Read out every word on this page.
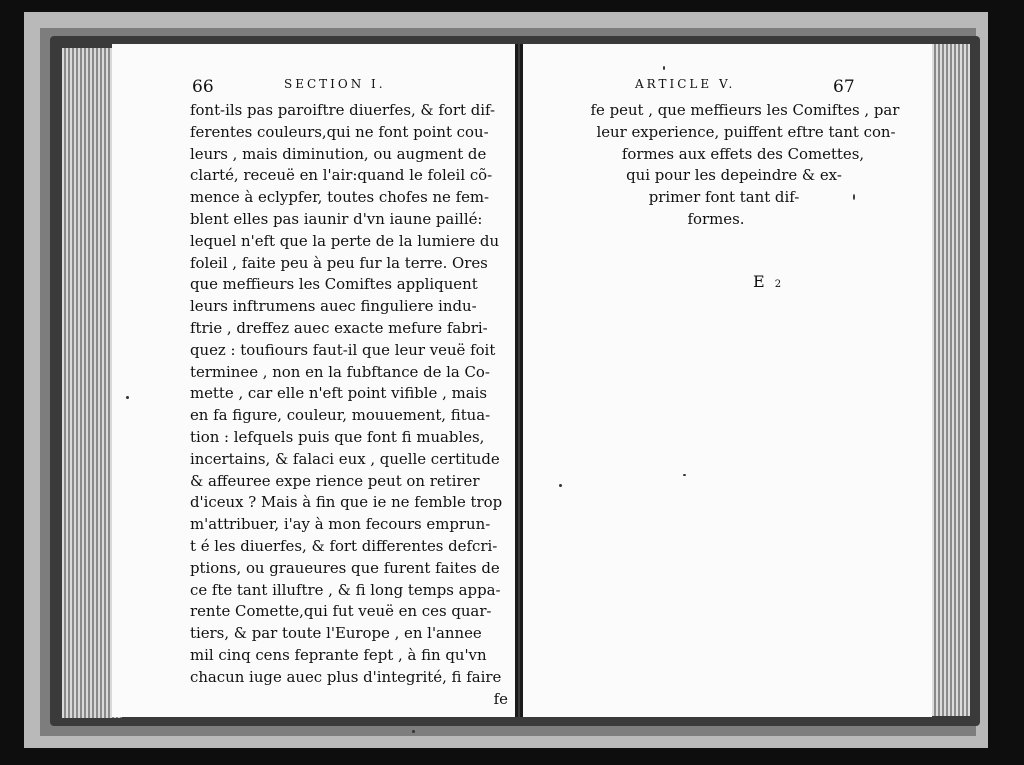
66	SECTION I.
font-ils pas paroiftre diuerfes, & fort dif-
ferentes couleurs,qui ne font point cou-
leurs , mais diminution, ou augment de
clarté, receuë en l'air:quand le foleil cõ-
mence à eclypfer, toutes chofes ne fem-
blent elles pas iaunir d'vn iaune paillé:
lequel n'eft que la perte de la lumiere du
foleil , faite peu à peu fur la terre. Ores
que meffieurs les Comiftes appliquent
leurs inftrumens auec finguliere indu-
ftrie , dreffez auec exacte mefure fabri-
quez : toufiours faut-il que leur veuë foit
terminee , non en la fubftance de la Co-
mette , car elle n'eft point vifible , mais
en fa figure, couleur, mouuement, fitua-
tion : lefquels puis que font fi muables,
incertains, & falaci eux , quelle certitude
& affeuree expe rience peut on retirer
d'iceux ? Mais à fin que ie ne femble trop
m'attribuer, i'ay à mon fecours emprun-
t é les diuerfes, & fort differentes defcri-
ptions, ou graueures que furent faites de
ce fte tant illuftre , & fi long temps appa-
rente Comette,qui fut veuë en ces quar-
tiers, & par toute l'Europe , en l'annee
mil cinq cens feprante fept , à fin qu'vn
chacun iuge auec plus d'integrité, fi faire
fe
ARTICLE V.	67
fe peut , que meffieurs les Comiftes , par
leur experience, puiffent eftre tant con-
formes aux effets des Comettes,
qui pour les depeindre & ex-
primer font tant dif-
formes.
E 2
